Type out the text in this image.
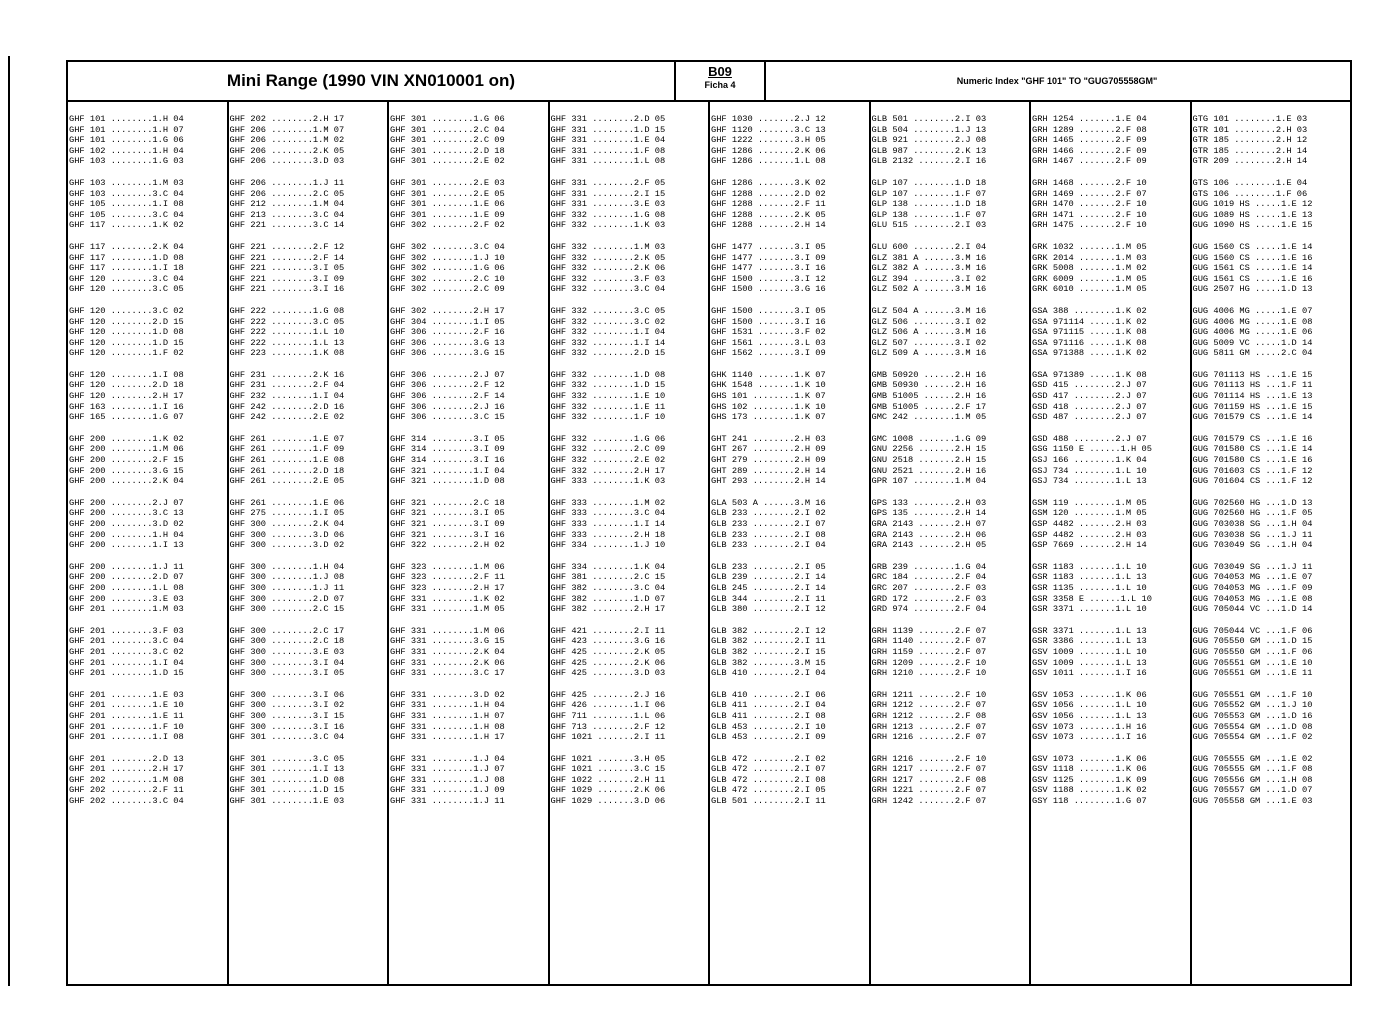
Mini Range (1990 VIN XN010001 on)	B09
Ficha 4	Numeric Index "GHF 101" TO "GUG705558GM"
GHF 101 ........1.H 04
GHF 101 ........1.H 07
GHF 101 ........1.G 06
GHF 102 ........1.H 04
GHF 103 ........1.G 03
GHF 103 ........1.M 03
GHF 103 ........3.C 04
GHF 105 ........1.I 08
GHF 105 ........3.C 04
GHF 117 ........1.K 02
GHF 117 ........2.K 04
GHF 117 ........1.D 08
GHF 117 ........1.I 18
GHF 120 ........3.C 04
GHF 120 ........3.C 05
GHF 120 ........3.C 02
GHF 120 ........2.D 15
GHF 120 ........1.D 08
GHF 120 ........1.D 15
GHF 120 ........1.F 02
GHF 120 ........1.I 08
GHF 120 ........2.D 18
GHF 120 ........2.H 17
GHF 163 ........1.I 16
GHF 165 ........1.G 07
GHF 200 ........1.K 02
GHF 200 ........1.M 06
GHF 200 ........2.F 15
GHF 200 ........3.G 15
GHF 200 ........2.K 04
GHF 200 ........2.J 07
GHF 200 ........3.C 13
GHF 200 ........3.D 02
GHF 200 ........1.H 04
GHF 200 ........1.I 13
GHF 200 ........1.J 11
GHF 200 ........2.D 07
GHF 200 ........1.L 08
GHF 200 ........3.E 03
GHF 201 ........1.M 03
GHF 201 ........3.F 03
GHF 201 ........3.C 04
GHF 201 ........3.C 02
GHF 201 ........1.I 04
GHF 201 ........1.D 15
GHF 201 ........1.E 03
GHF 201 ........1.E 10
GHF 201 ........1.E 11
GHF 201 ........1.F 10
GHF 201 ........1.I 08
GHF 201 ........2.D 13
GHF 201 ........2.H 17
GHF 202 ........1.M 08
GHF 202 ........2.F 11
GHF 202 ........3.C 04
GHF 202 ........2.H 17
GHF 206 ........1.M 07
GHF 206 ........1.M 02
GHF 206 ........2.K 05
GHF 206 ........3.D 03
GHF 206 ........1.J 11
GHF 206 ........2.C 05
GHF 212 ........1.M 04
GHF 213 ........3.C 04
GHF 221 ........3.C 14
GHF 221 ........2.F 12
GHF 221 ........2.F 14
GHF 221 ........3.I 05
GHF 221 ........3.I 09
GHF 221 ........3.I 16
GHF 222 ........1.G 08
GHF 222 ........3.C 05
GHF 222 ........1.L 10
GHF 222 ........1.L 13
GHF 223 ........1.K 08
GHF 231 ........2.K 16
GHF 231 ........2.F 04
GHF 232 ........1.I 04
GHF 242 ........2.D 16
GHF 242 ........2.E 02
GHF 261 ........1.E 07
GHF 261 ........1.F 09
GHF 261 ........1.E 08
GHF 261 ........2.D 18
GHF 261 ........2.E 05
GHF 261 ........1.E 06
GHF 275 ........1.I 05
GHF 300 ........2.K 04
GHF 300 ........3.D 06
GHF 300 ........3.D 02
GHF 300 ........1.H 04
GHF 300 ........1.J 08
GHF 300 ........1.J 11
GHF 300 ........2.D 07
GHF 300 ........2.C 15
GHF 300 ........2.C 17
GHF 300 ........2.C 18
GHF 300 ........3.E 03
GHF 300 ........3.I 04
GHF 300 ........3.I 05
GHF 300 ........3.I 06
GHF 300 ........3.I 02
GHF 300 ........3.I 15
GHF 300 ........3.I 16
GHF 301 ........3.C 04
GHF 301 ........3.C 05
GHF 301 ........1.I 13
GHF 301 ........1.D 08
GHF 301 ........1.D 15
GHF 301 ........1.E 03
GHF 301 ........1.G 06
GHF 301 ........2.C 04
GHF 301 ........2.C 09
GHF 301 ........2.D 18
GHF 301 ........2.E 02
GHF 301 ........2.E 03
GHF 301 ........2.E 05
GHF 301 ........1.E 06
GHF 301 ........1.E 09
GHF 302 ........2.F 02
GHF 302 ........3.C 04
GHF 302 ........1.J 10
GHF 302 ........1.G 06
GHF 302 ........2.C 10
GHF 302 ........2.C 09
GHF 302 ........2.H 17
GHF 304 ........1.I 05
GHF 306 ........2.F 16
GHF 306 ........3.G 13
GHF 306 ........3.G 15
GHF 306 ........2.J 07
GHF 306 ........2.F 12
GHF 306 ........2.F 14
GHF 306 ........2.J 16
GHF 306 ........3.C 15
GHF 314 ........3.I 05
GHF 314 ........3.I 09
GHF 314 ........3.I 16
GHF 321 ........1.I 04
GHF 321 ........1.D 08
GHF 321 ........2.C 18
GHF 321 ........3.I 05
GHF 321 ........3.I 09
GHF 321 ........3.I 16
GHF 322 ........2.H 02
GHF 323 ........1.M 06
GHF 323 ........2.F 11
GHF 323 ........2.H 17
GHF 331 ........1.K 02
GHF 331 ........1.M 05
GHF 331 ........1.M 06
GHF 331 ........3.G 15
GHF 331 ........2.K 04
GHF 331 ........2.K 06
GHF 331 ........3.C 17
GHF 331 ........3.D 02
GHF 331 ........1.H 04
GHF 331 ........1.H 07
GHF 331 ........1.H 08
GHF 331 ........1.H 17
GHF 331 ........1.J 04
GHF 331 ........1.J 07
GHF 331 ........1.J 08
GHF 331 ........1.J 09
GHF 331 ........1.J 11
GHF 331 ........2.D 05
GHF 331 ........1.D 15
GHF 331 ........1.E 04
GHF 331 ........1.F 08
GHF 331 ........1.L 08
GHF 331 ........2.F 05
GHF 331 ........2.I 15
GHF 331 ........3.E 03
GHF 332 ........1.G 08
GHF 332 ........1.K 03
GHF 332 ........1.M 03
GHF 332 ........2.K 05
GHF 332 ........2.K 06
GHF 332 ........3.F 03
GHF 332 ........3.C 04
GHF 332 ........3.C 05
GHF 332 ........3.C 02
GHF 332 ........1.I 04
GHF 332 ........1.I 14
GHF 332 ........2.D 15
GHF 332 ........1.D 08
GHF 332 ........1.D 15
GHF 332 ........1.E 10
GHF 332 ........1.E 11
GHF 332 ........1.F 10
GHF 332 ........1.G 06
GHF 332 ........2.C 09
GHF 332 ........2.E 02
GHF 332 ........2.H 17
GHF 333 ........1.K 03
GHF 333 ........1.M 02
GHF 333 ........3.C 04
GHF 333 ........1.I 14
GHF 333 ........2.H 18
GHF 334 ........1.J 10
GHF 334 ........1.K 04
GHF 381 ........2.C 15
GHF 382 ........3.C 04
GHF 382 ........1.D 07
GHF 382 ........2.H 17
GHF 421 ........2.I 11
GHF 423 ........3.G 16
GHF 425 ........2.K 05
GHF 425 ........2.K 06
GHF 425 ........3.D 03
GHF 425 ........2.J 16
GHF 426 ........1.I 06
GHF 711 ........1.L 06
GHF 713 ........2.F 12
GHF 1021 .......2.I 11
GHF 1021 .......3.H 05
GHF 1021 .......3.C 15
GHF 1022 .......2.H 11
GHF 1029 .......2.K 06
GHF 1029 .......3.D 06
GHF 1030 .......2.J 12
GHF 1120 .......3.C 13
GHF 1222 .......3.H 05
GHF 1286 .......2.K 06
GHF 1286 .......1.L 08
GHF 1286 .......3.K 02
GHF 1288 .......2.D 02
GHF 1288 .......2.F 11
GHF 1288 .......2.K 05
GHF 1288 .......2.H 14
GHF 1477 .......3.I 05
GHF 1477 .......3.I 09
GHF 1477 .......3.I 16
GHF 1500 .......3.I 12
GHF 1500 .......3.G 16
GHF 1500 .......3.I 05
GHF 1500 .......3.I 16
GHF 1531 .......3.F 02
GHF 1561 .......3.L 03
GHF 1562 .......3.I 09
GHK 1140 .......1.K 07
GHK 1548 .......1.K 10
GHS 101 ........1.K 07
GHS 102 ........1.K 10
GHS 173 ........1.K 07
GHT 241 ........2.H 03
GHT 267 ........2.H 09
GHT 279 ........2.H 09
GHT 289 ........2.H 14
GHT 293 ........2.H 14
GLA 503 A ......3.M 16
GLB 233 ........2.I 02
GLB 233 ........2.I 07
GLB 233 ........2.I 08
GLB 233 ........2.I 04
GLB 233 ........2.I 05
GLB 239 ........2.I 14
GLB 245 ........2.I 14
GLB 344 ........2.I 11
GLB 380 ........2.I 12
GLB 382 ........2.I 12
GLB 382 ........2.I 11
GLB 382 ........2.I 15
GLB 382 ........3.M 15
GLB 410 ........2.I 04
GLB 410 ........2.I 06
GLB 411 ........2.I 04
GLB 411 ........2.I 08
GLB 453 ........2.I 10
GLB 453 ........2.I 09
GLB 472 ........2.I 02
GLB 472 ........2.I 07
GLB 472 ........2.I 08
GLB 472 ........2.I 05
GLB 501 ........2.I 11
GLB 501 ........2.I 03
GLB 504 ........1.J 13
GLB 921 ........2.J 08
GLB 987 ........2.K 13
GLB 2132 .......2.I 16
GLP 107 ........1.D 18
GLP 107 ........1.F 07
GLP 138 ........1.D 18
GLP 138 ........1.F 07
GLU 515 ........2.I 03
GLU 600 ........2.I 04
GLZ 381 A ......3.M 16
GLZ 382 A ......3.M 16
GLZ 394 ........3.I 02
GLZ 502 A ......3.M 16
GLZ 504 A ......3.M 16
GLZ 506 ........3.I 02
GLZ 506 A ......3.M 16
GLZ 507 ........3.I 02
GLZ 509 A ......3.M 16
GMB 50920 ......2.H 16
GMB 50930 ......2.H 16
GMB 51005 ......2.H 16
GMB 51005 ......2.F 17
GMC 242 ........1.M 05
GMC 1008 .......1.G 09
GNU 2256 .......2.H 15
GNU 2518 .......2.H 15
GNU 2521 .......2.H 16
GPR 107 ........1.M 04
GPS 133 ........2.H 03
GPS 135 ........2.H 14
GRA 2143 .......2.H 07
GRA 2143 .......2.H 06
GRA 2143 .......2.H 05
GRB 239 ........1.G 04
GRC 184 ........2.F 04
GRC 207 ........2.F 03
GRD 172 ........2.F 03
GRD 974 ........2.F 04
GRH 1139 .......2.F 07
GRH 1140 .......2.F 07
GRH 1159 .......2.F 07
GRH 1209 .......2.F 10
GRH 1210 .......2.F 10
GRH 1211 .......2.F 10
GRH 1212 .......2.F 07
GRH 1212 .......2.F 08
GRH 1213 .......2.F 07
GRH 1216 .......2.F 07
GRH 1216 .......2.F 10
GRH 1217 .......2.F 07
GRH 1217 .......2.F 08
GRH 1221 .......2.F 07
GRH 1242 .......2.F 07
GRH 1254 .......1.E 04
GRH 1289 .......2.F 08
GRH 1465 .......2.F 09
GRH 1466 .......2.F 09
GRH 1467 .......2.F 09
GRH 1468 .......2.F 10
GRH 1469 .......2.F 07
GRH 1470 .......2.F 10
GRH 1471 .......2.F 10
GRH 1475 .......2.F 10
GRK 1032 .......1.M 05
GRK 2014 .......1.M 03
GRK 5008 .......1.M 02
GRK 6009 .......1.M 05
GRK 6010 .......1.M 05
GSA 388 ........1.K 02
GSA 971114 .....1.K 02
GSA 971115 .....1.K 08
GSA 971116 .....1.K 08
GSA 971388 .....1.K 02
GSA 971389 .....1.K 08
GSD 415 ........2.J 07
GSD 417 ........2.J 07
GSD 418 ........2.J 07
GSD 487 ........2.J 07
GSD 488 ........2.J 07
GSG 1150 E ......1.H 05
GSJ 166 ........1.K 04
GSJ 734 ........1.L 10
GSJ 734 ........1.L 13
GSM 119 ........1.M 05
GSM 120 ........1.M 05
GSP 4482 .......2.H 03
GSP 4482 .......2.H 03
GSP 7669 .......2.H 14
GSR 1183 .......1.L 10
GSR 1183 .......1.L 13
GSR 1135 .......1.L 10
GSR 3358 E ......1.L 10
GSR 3371 .......1.L 10
GSR 3371 .......1.L 13
GSR 3386 .......1.L 13
GSV 1009 .......1.L 10
GSV 1009 .......1.L 13
GSV 1011 .......1.I 16
GSV 1053 .......1.K 06
GSV 1056 .......1.L 10
GSV 1056 .......1.L 13
GSV 1073 .......1.H 16
GSV 1073 .......1.I 16
GSV 1073 .......1.K 06
GSV 1118 .......1.K 06
GSV 1125 .......1.K 09
GSV 1188 .......1.K 02
GSY 118 ........1.G 07
GTG 101 ........1.E 03
GTR 101 ........2.H 03
GTR 185 ........2.H 12
GTR 185 ........2.H 14
GTR 209 ........2.H 14
GTS 106 ........1.E 04
GTS 106 ........1.F 06
GUG 1019 HS .....1.E 12
GUG 1089 HS .....1.E 13
GUG 1090 HS .....1.E 15
GUG 1560 CS .....1.E 14
GUG 1560 CS .....1.E 16
GUG 1561 CS .....1.E 14
GUG 1561 CS .....1.E 16
GUG 2507 HG .....1.D 13
GUG 4006 MG .....1.E 07
GUG 4006 MG .....1.E 08
GUG 4006 MG .....1.E 06
GUG 5009 VC .....1.D 14
GUG 5811 GM .....2.C 04
GUG 701113 HS ...1.E 15
GUG 701113 HS ...1.F 11
GUG 701114 HS ...1.E 13
GUG 701159 HS ...1.E 15
GUG 701579 CS ...1.E 14
GUG 701579 CS ...1.E 16
GUG 701580 CS ...1.E 14
GUG 701580 CS ...1.E 16
GUG 701603 CS ...1.F 12
GUG 701604 CS ...1.F 12
GUG 702560 HG ...1.D 13
GUG 702560 HG ...1.F 05
GUG 703038 SG ...1.H 04
GUG 703038 SG ...1.J 11
GUG 703049 SG ...1.H 04
GUG 703049 SG ...1.J 11
GUG 704053 MG ...1.E 07
GUG 704053 MG ...1.F 09
GUG 704053 MG ...1.E 08
GUG 705044 VC ...1.D 14
GUG 705044 VC ...1.F 06
GUG 705550 GM ...1.D 15
GUG 705550 GM ...1.F 06
GUG 705551 GM ...1.E 10
GUG 705551 GM ...1.E 11
GUG 705551 GM ...1.F 10
GUG 705552 GM ...1.J 10
GUG 705553 GM ...1.D 16
GUG 705554 GM ...1.D 08
GUG 705554 GM ...1.F 02
GUG 705555 GM ...1.E 02
GUG 705555 GM ...1.F 08
GUG 705556 GM ...1.H 08
GUG 705557 GM ...1.D 07
GUG 705558 GM ...1.E 03
